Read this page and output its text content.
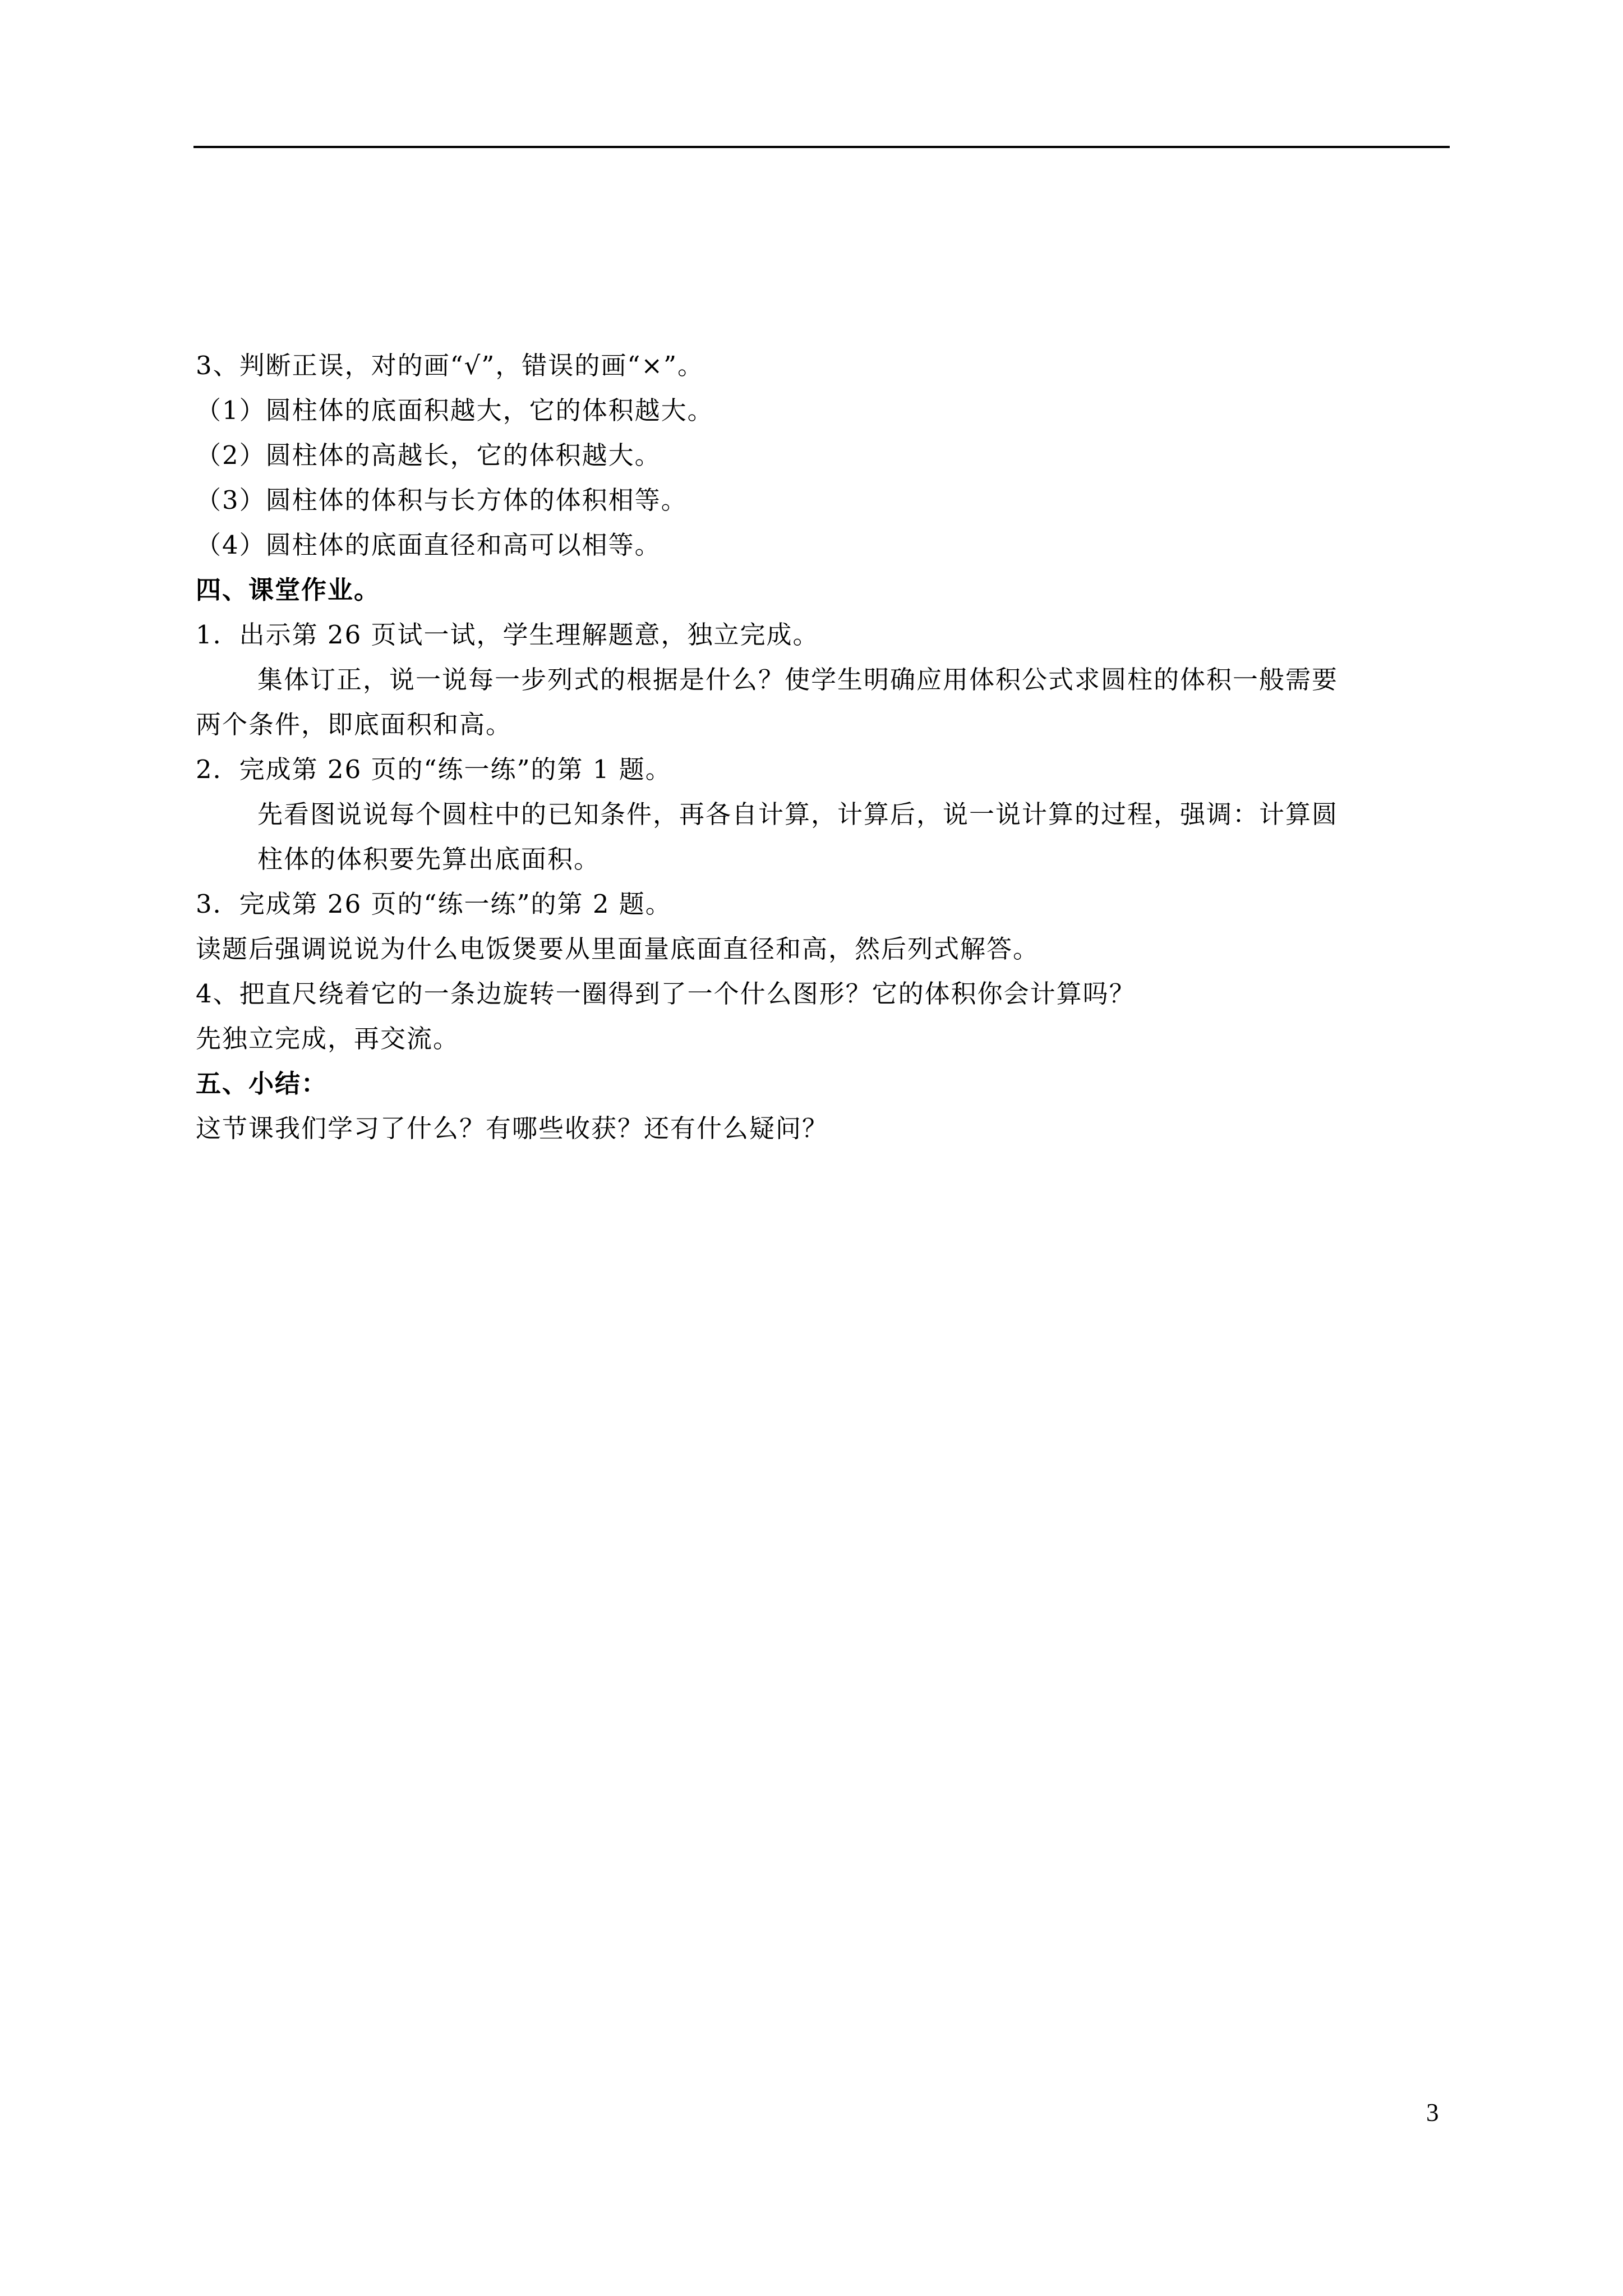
3、判断正误，对的画“√”，错误的画“×”。
（1）圆柱体的底面积越大，它的体积越大。
（2）圆柱体的高越长，它的体积越大。
（3）圆柱体的体积与长方体的体积相等。
（4）圆柱体的底面直径和高可以相等。
四、课堂作业。
1．出示第 26 页试一试，学生理解题意，独立完成。
集体订正，说一说每一步列式的根据是什么？使学生明确应用体积公式求圆柱的体积一般需要
两个条件，即底面积和高。
2．完成第 26 页的“练一练”的第 1 题。
先看图说说每个圆柱中的已知条件，再各自计算，计算后，说一说计算的过程，强调：计算圆
柱体的体积要先算出底面积。
3．完成第 26 页的“练一练”的第 2 题。
读题后强调说说为什么电饭煲要从里面量底面直径和高，然后列式解答。
4、把直尺绕着它的一条边旋转一圈得到了一个什么图形？它的体积你会计算吗？
先独立完成，再交流。
五、小结：
这节课我们学习了什么？有哪些收获？还有什么疑问？
3
